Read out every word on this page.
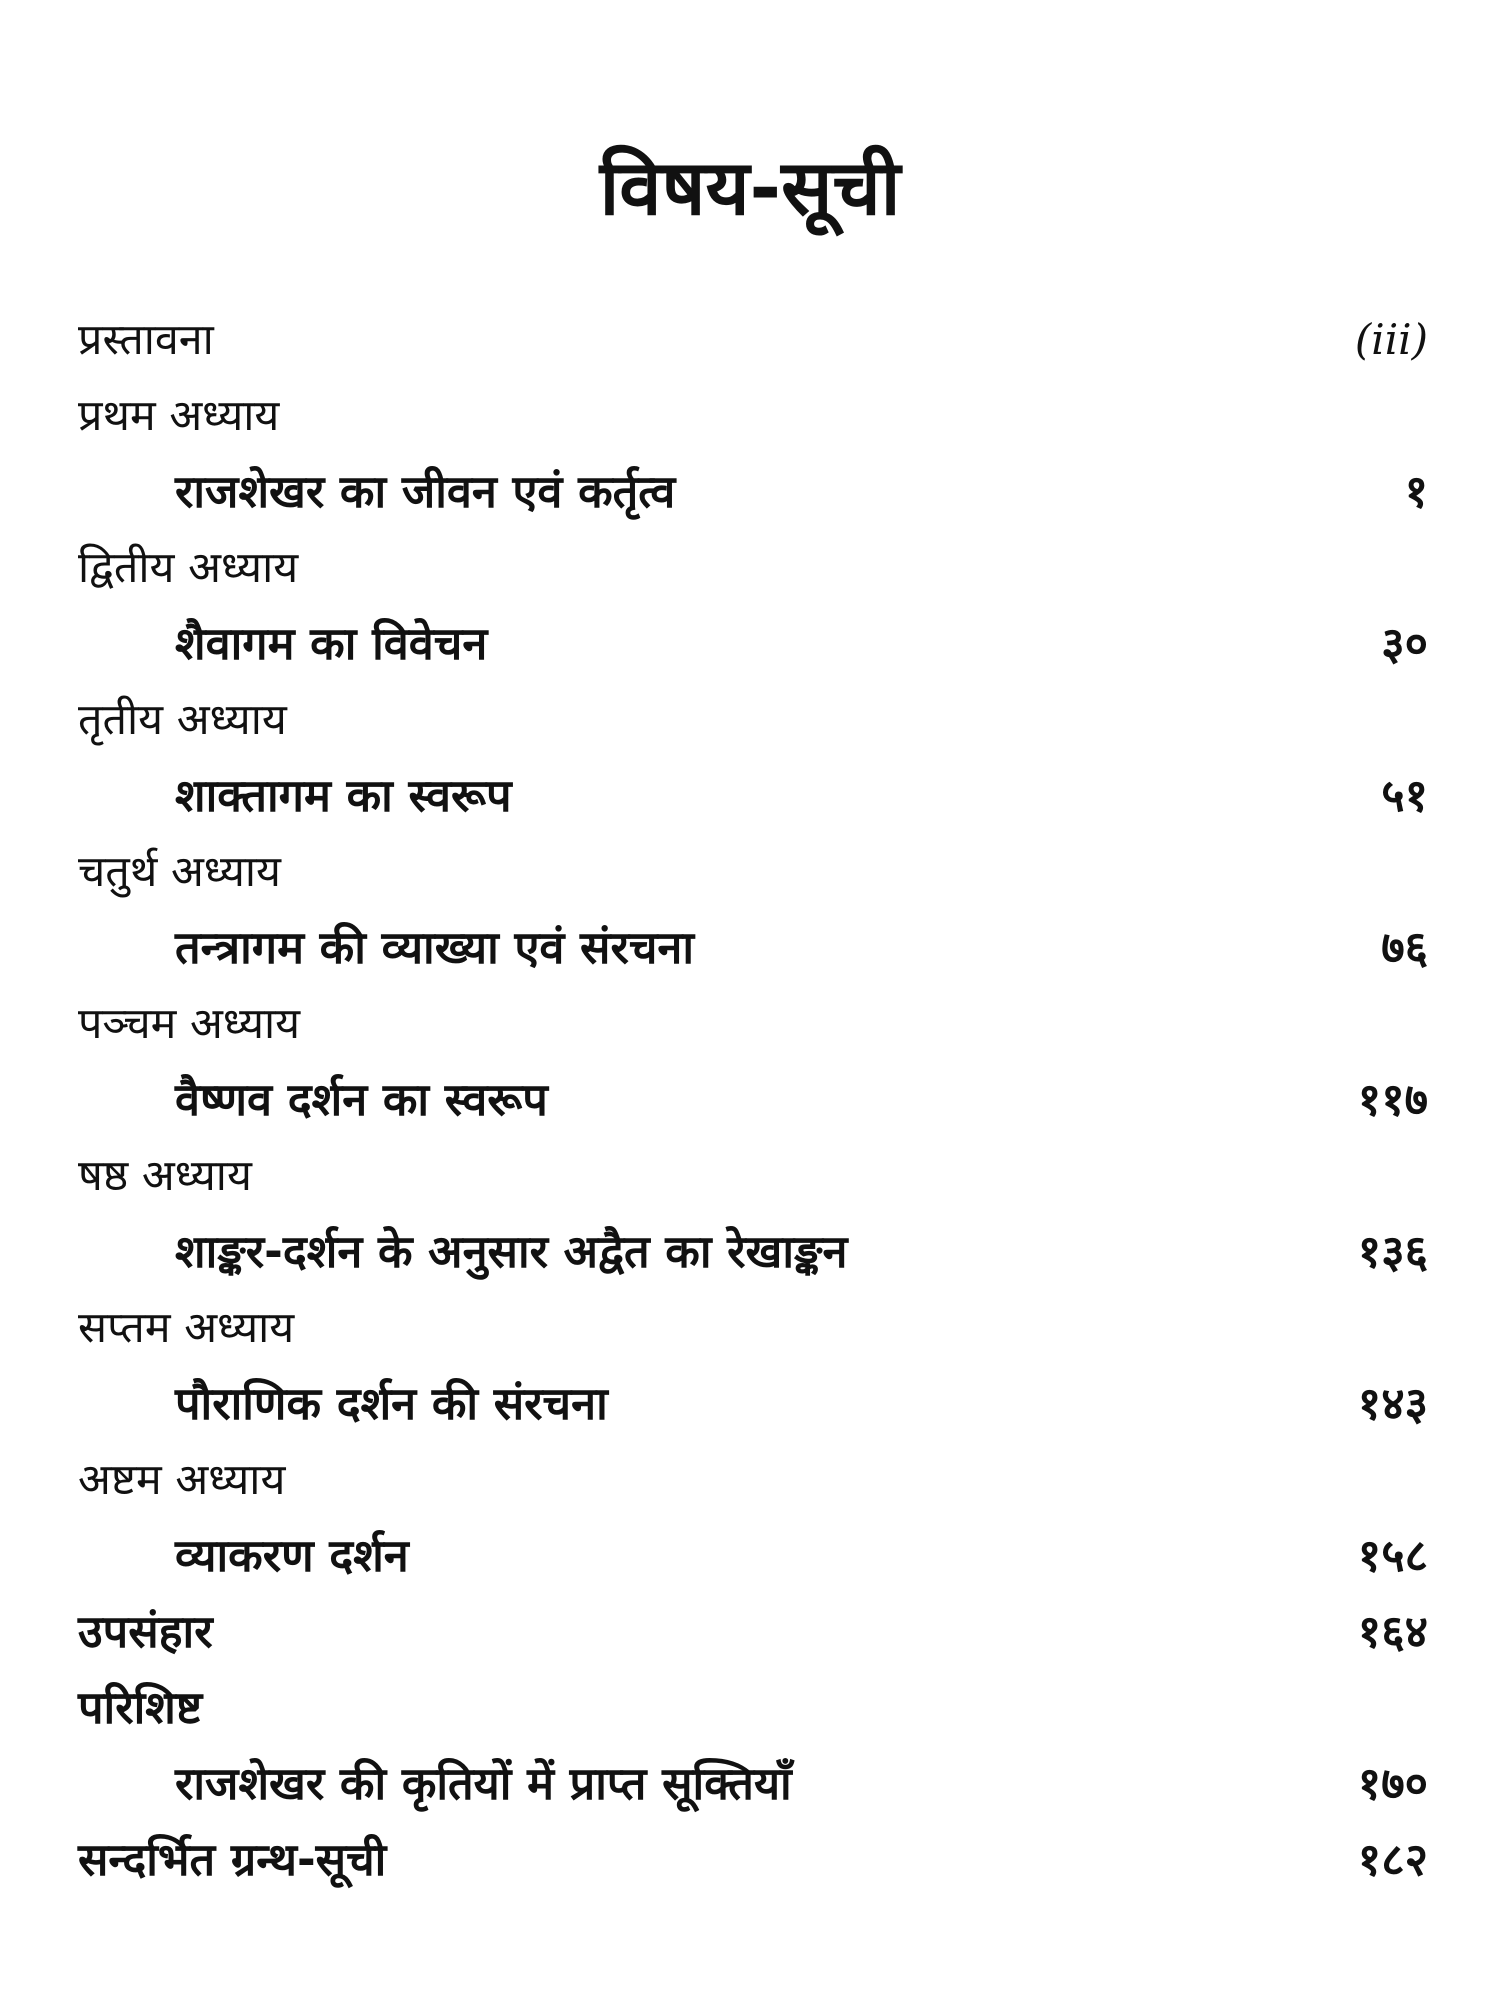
विषय-सूची
प्रस्तावना	(iii)
प्रथम अध्याय
राजशेखर का जीवन एवं कर्तृत्व	१
द्वितीय अध्याय
शैवागम का विवेचन	३०
तृतीय अध्याय
शाक्तागम का स्वरूप	५१
चतुर्थ अध्याय
तन्त्रागम की व्याख्या एवं संरचना	७६
पञ्चम अध्याय
वैष्णव दर्शन का स्वरूप	११७
षष्ठ अध्याय
शाङ्कर-दर्शन के अनुसार अद्वैत का रेखाङ्कन	१३६
सप्तम अध्याय
पौराणिक दर्शन की संरचना	१४३
अष्टम अध्याय
व्याकरण दर्शन	१५८
उपसंहार	१६४
परिशिष्ट
राजशेखर की कृतियों में प्राप्त सूक्तियाँ	१७०
सन्दर्भित ग्रन्थ-सूची	१८२
